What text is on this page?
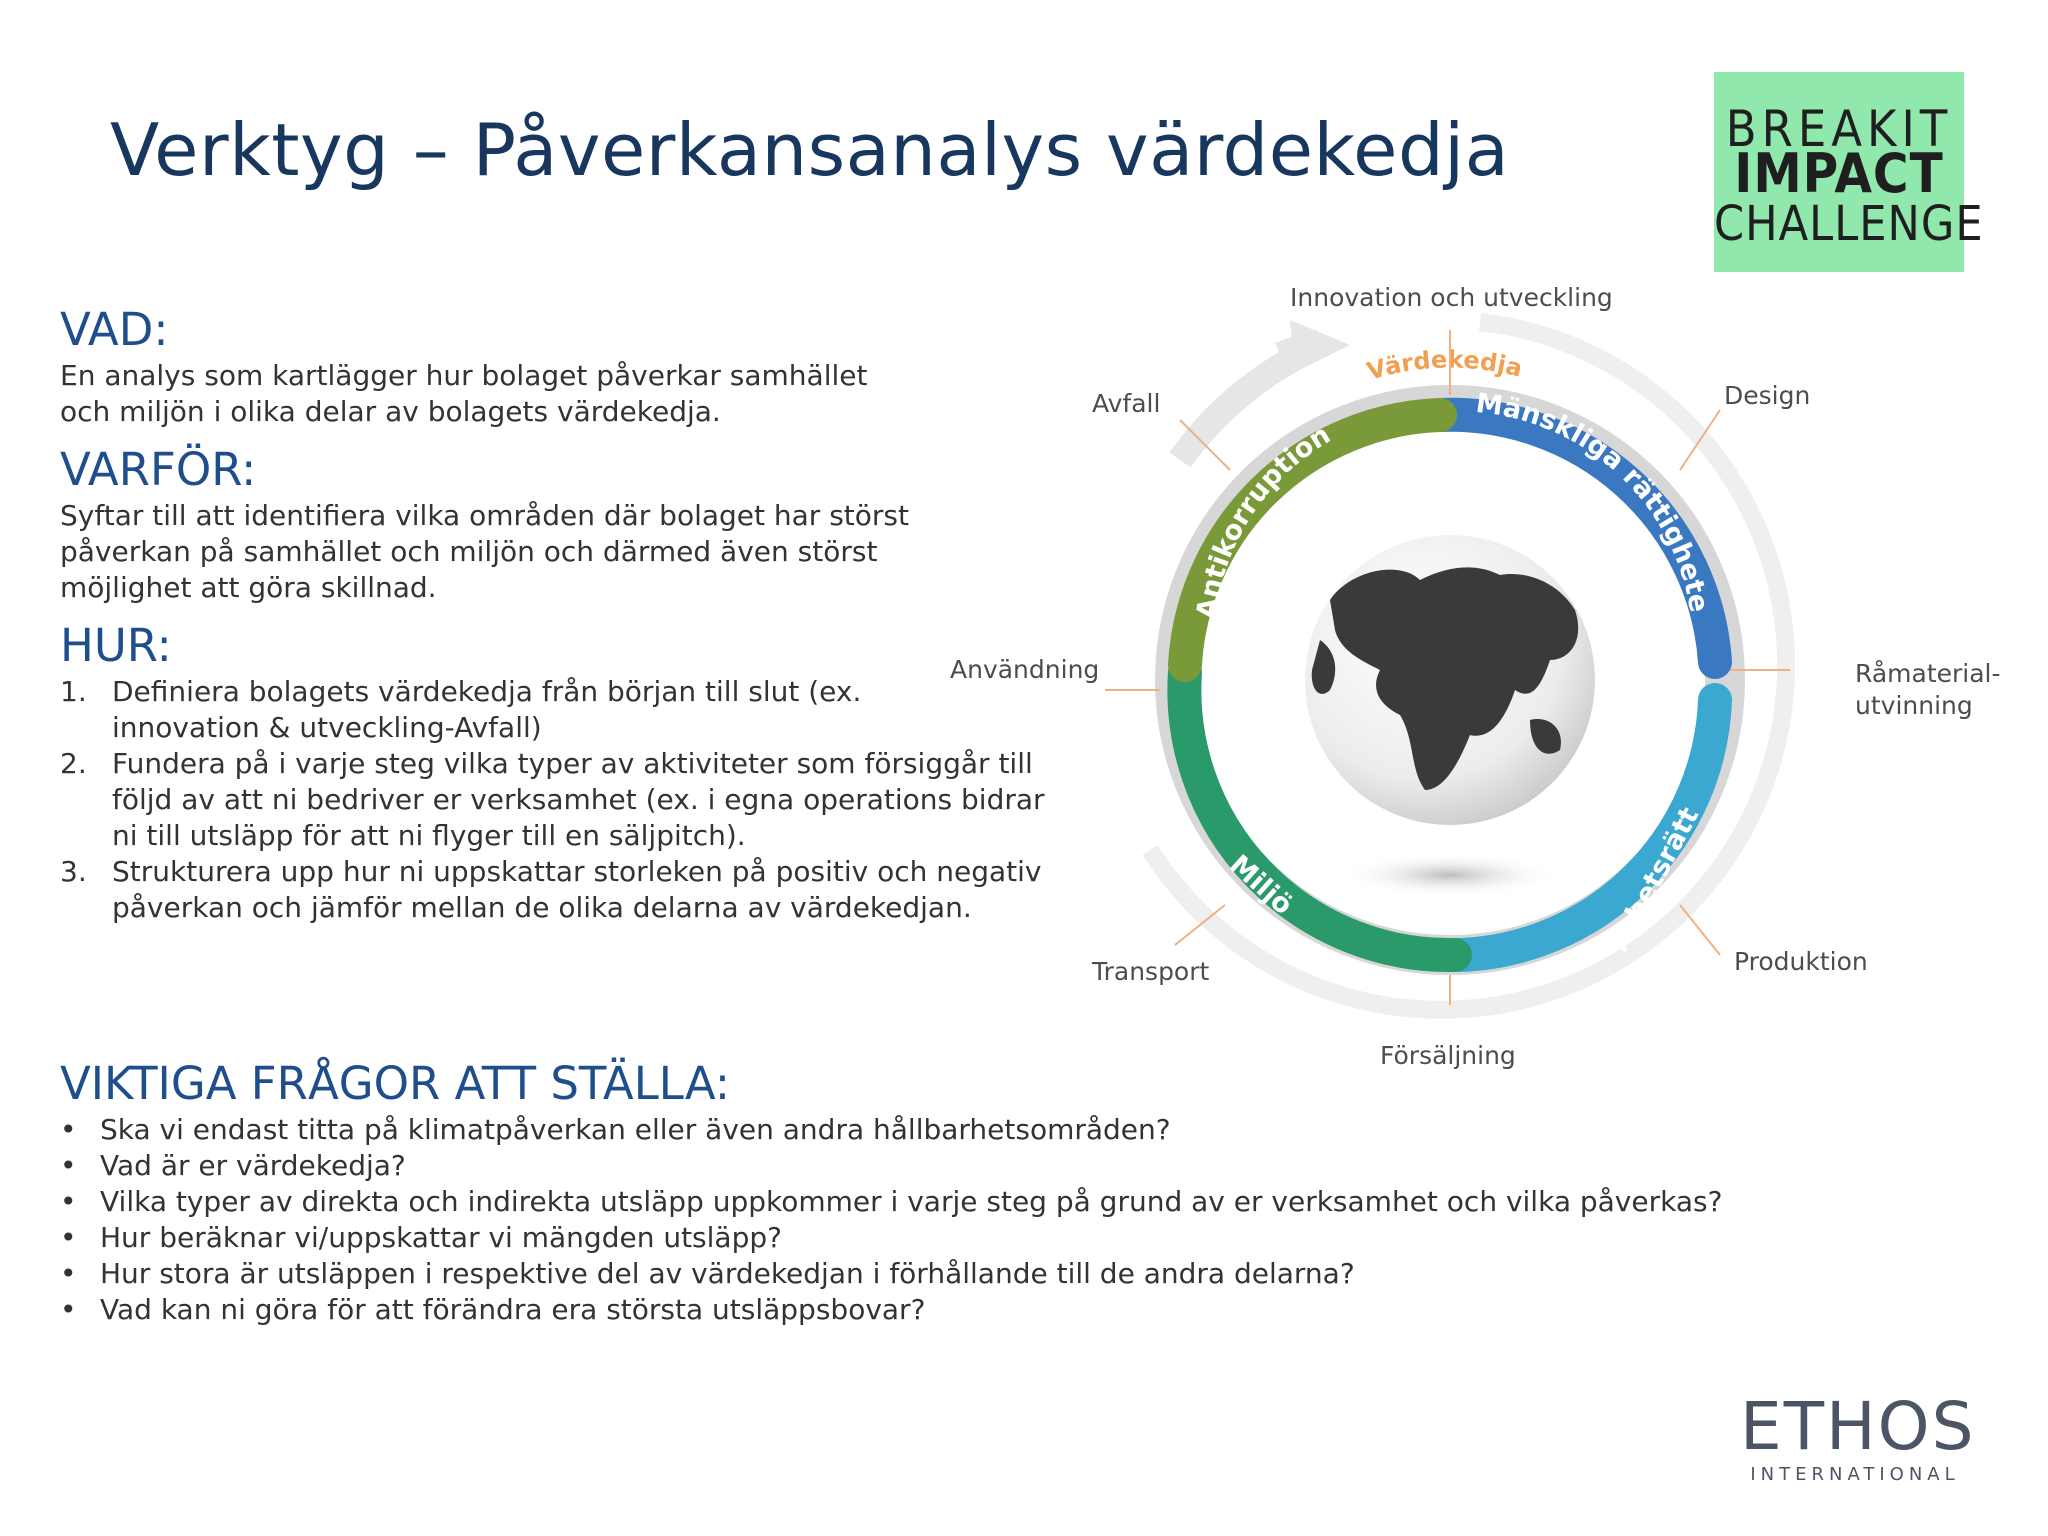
Verktyg – Påverkansanalys värdekedja	BREAKIT
IMPACT
CHALLENGE
VAD:

En analys som kartlägger hur bolaget påverkar samhället och miljön i olika delar av bolagets värdekedja.

VARFÖR:

Syftar till att identifiera vilka områden där bolaget har störst påverkan på samhället och miljön och därmed även störst möjlighet att göra skillnad.

HUR:
1. Definiera bolagets värdekedja från början till slut (ex. innovation & utveckling-Avfall)
2. Fundera på i varje steg vilka typer av aktiviteter som försiggår till följd av att ni bedriver er verksamhet (ex. i egna operations bidrar ni till utsläpp för att ni flyger till en säljpitch).
3. Strukturera upp hur ni uppskattar storleken på positiv och negativ påverkan och jämför mellan de olika delarna av värdekedjan.
VIKTIGA FRÅGOR ATT STÄLLA:
• Ska vi endast titta på klimatpåverkan eller även andra hållbarhetsområden?
• Vad är er värdekedja?
• Vilka typer av direkta och indirekta utsläpp uppkommer i varje steg på grund av er verksamhet och vilka påverkas?
• Hur beräknar vi/uppskattar vi mängden utsläpp?
• Hur stora är utsläppen i respektive del av värdekedjan i förhållande till de andra delarna?
• Vad kan ni göra för att förändra era största utsläppsbovar?
Antikorruption
Mänskliga rättighete
Arbetsrätt
Miljö
Värdekedja
Innovation och utveckling
Design
Råmaterial-
utvinning
Produktion
Försäljning
Transport
Användning
Avfall
ETHOS
INTERNATIONAL
